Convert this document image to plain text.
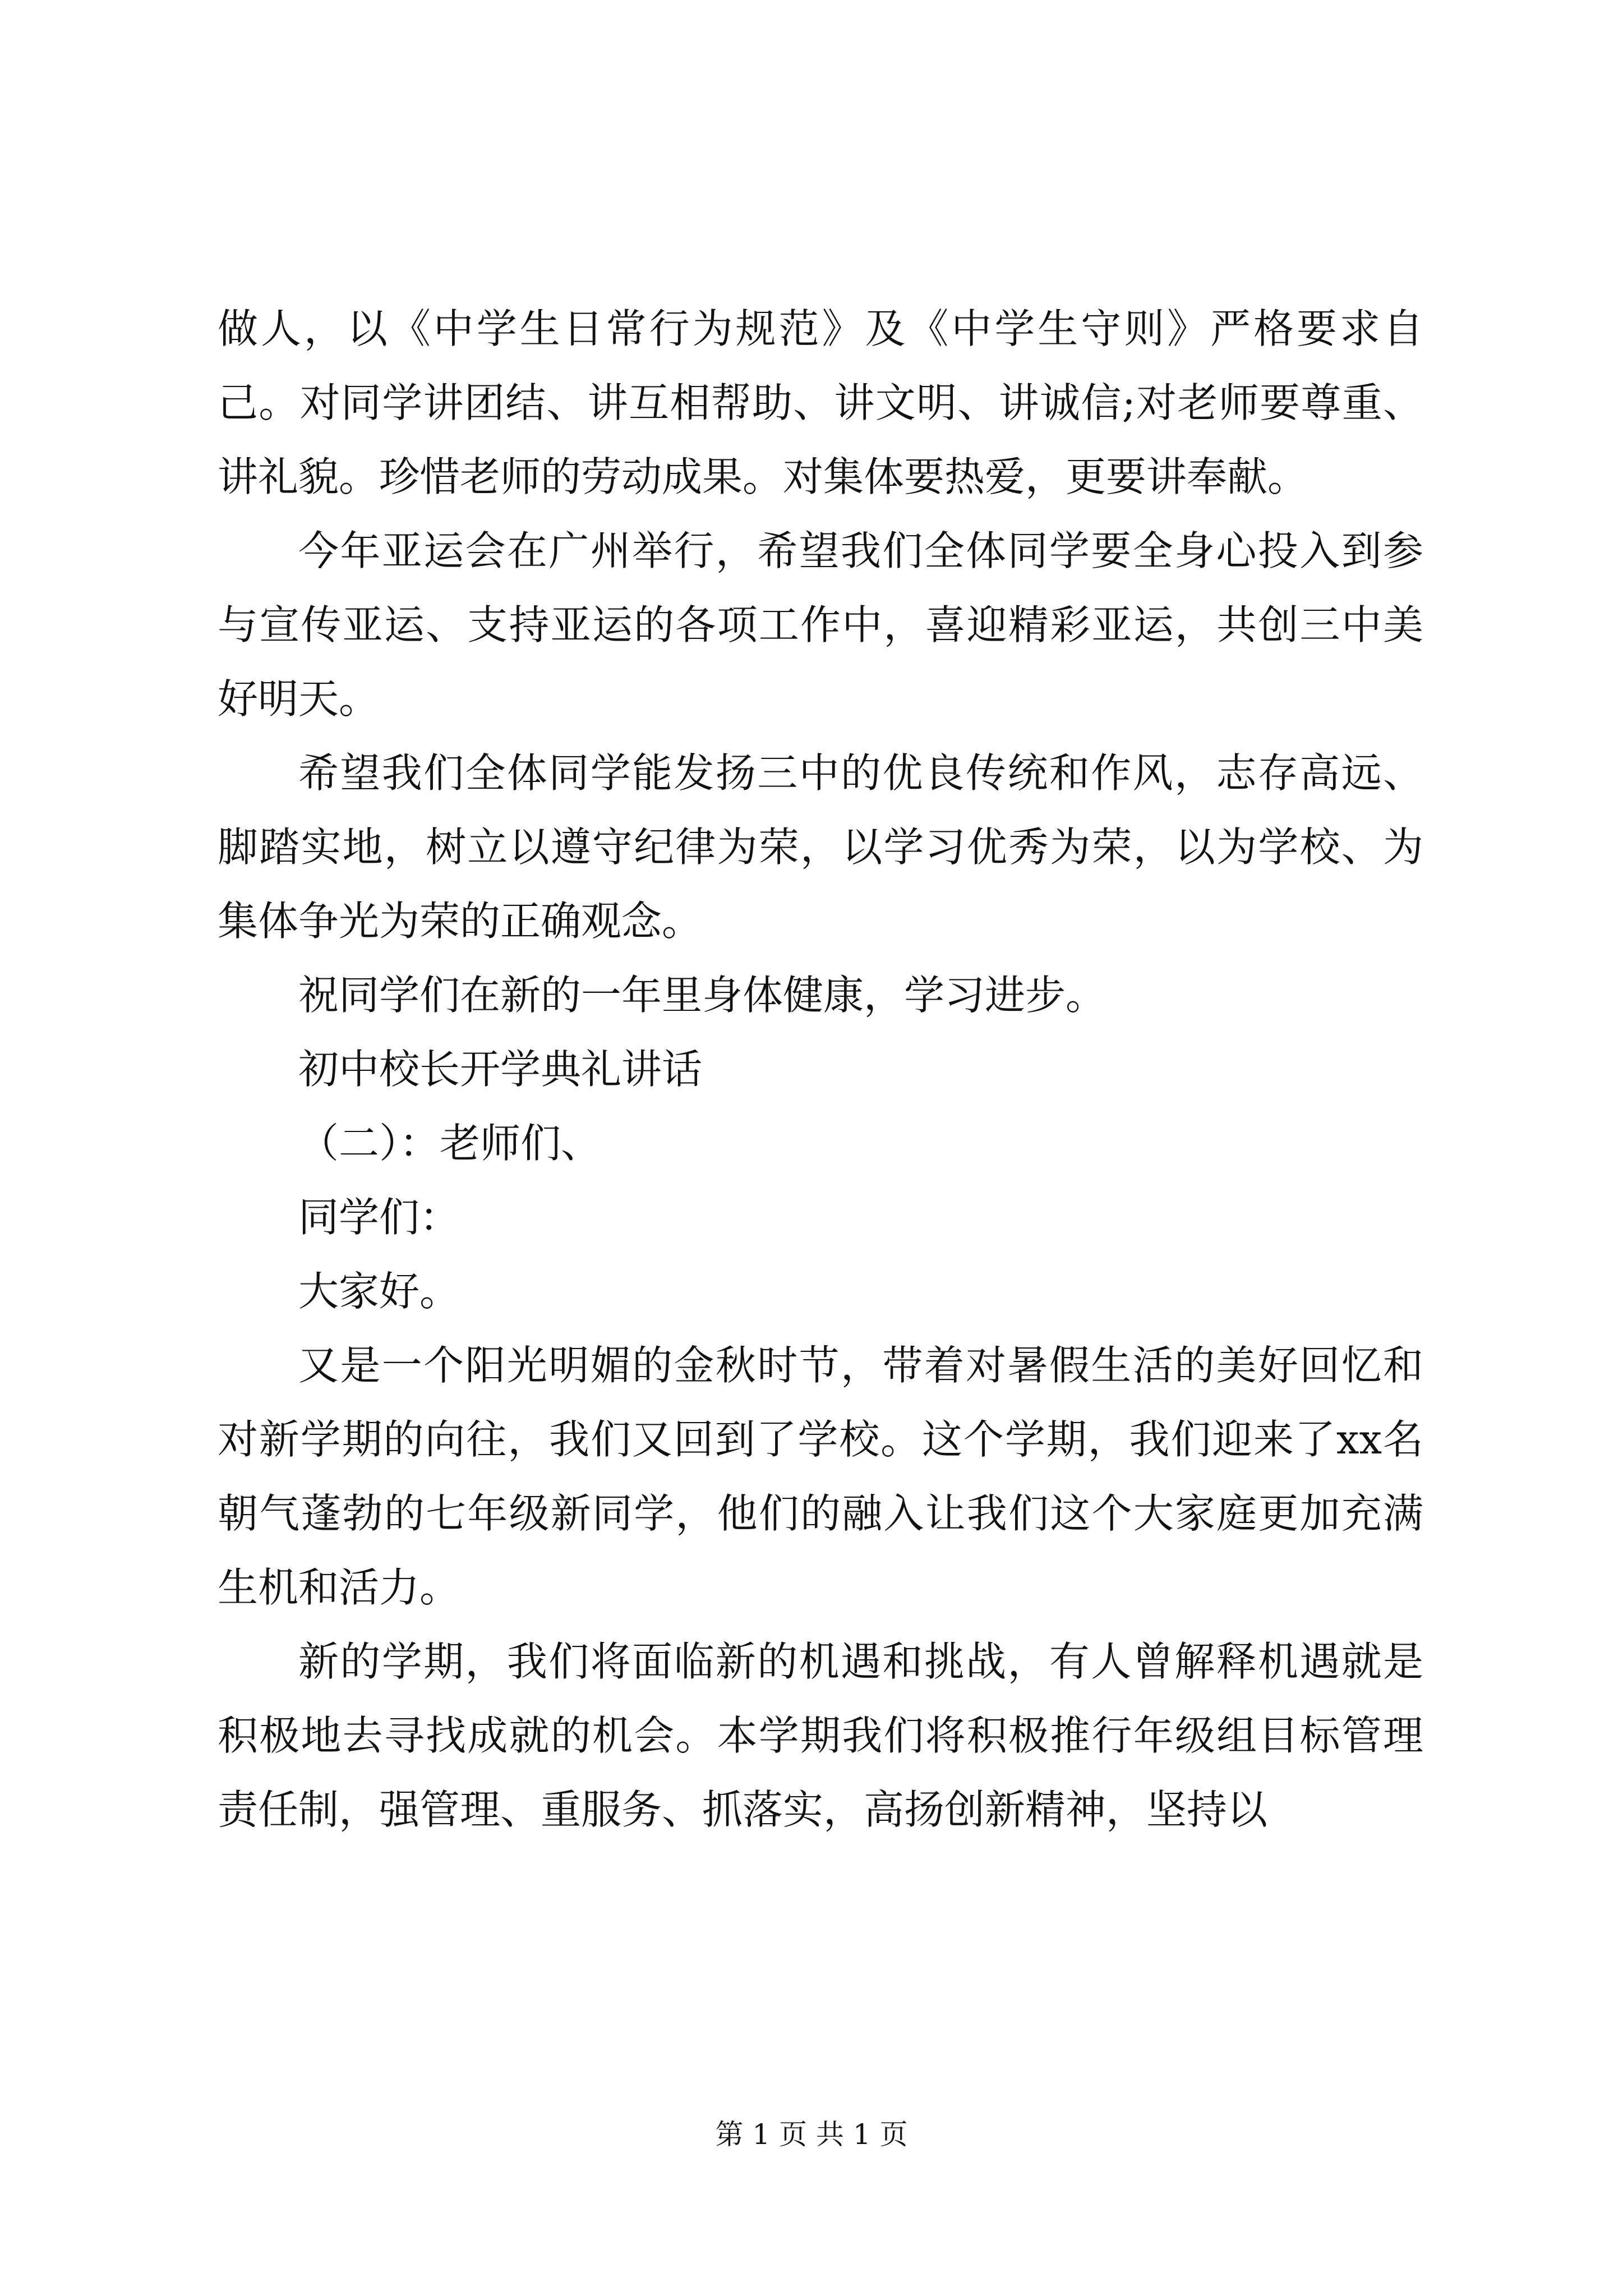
做人，以《中学生日常行为规范》及《中学生守则》严格要求自己。对同学讲团结、讲互相帮助、讲文明、讲诚信;对老师要尊重、讲礼貌。珍惜老师的劳动成果。对集体要热爱，更要讲奉献。

今年亚运会在广州举行，希望我们全体同学要全身心投入到参与宣传亚运、支持亚运的各项工作中，喜迎精彩亚运，共创三中美好明天。

希望我们全体同学能发扬三中的优良传统和作风，志存高远、脚踏实地，树立以遵守纪律为荣，以学习优秀为荣，以为学校、为集体争光为荣的正确观念。

祝同学们在新的一年里身体健康，学习进步。

初中校长开学典礼讲话

（二）：老师们、

同学们：

大家好。

又是一个阳光明媚的金秋时节，带着对暑假生活的美好回忆和对新学期的向往，我们又回到了学校。这个学期，我们迎来了xx名朝气蓬勃的七年级新同学，他们的融入让我们这个大家庭更加充满生机和活力。

新的学期，我们将面临新的机遇和挑战，有人曾解释机遇就是积极地去寻找成就的机会。本学期我们将积极推行年级组目标管理责任制，强管理、重服务、抓落实，高扬创新精神，坚持以

第 1 页 共 1 页
